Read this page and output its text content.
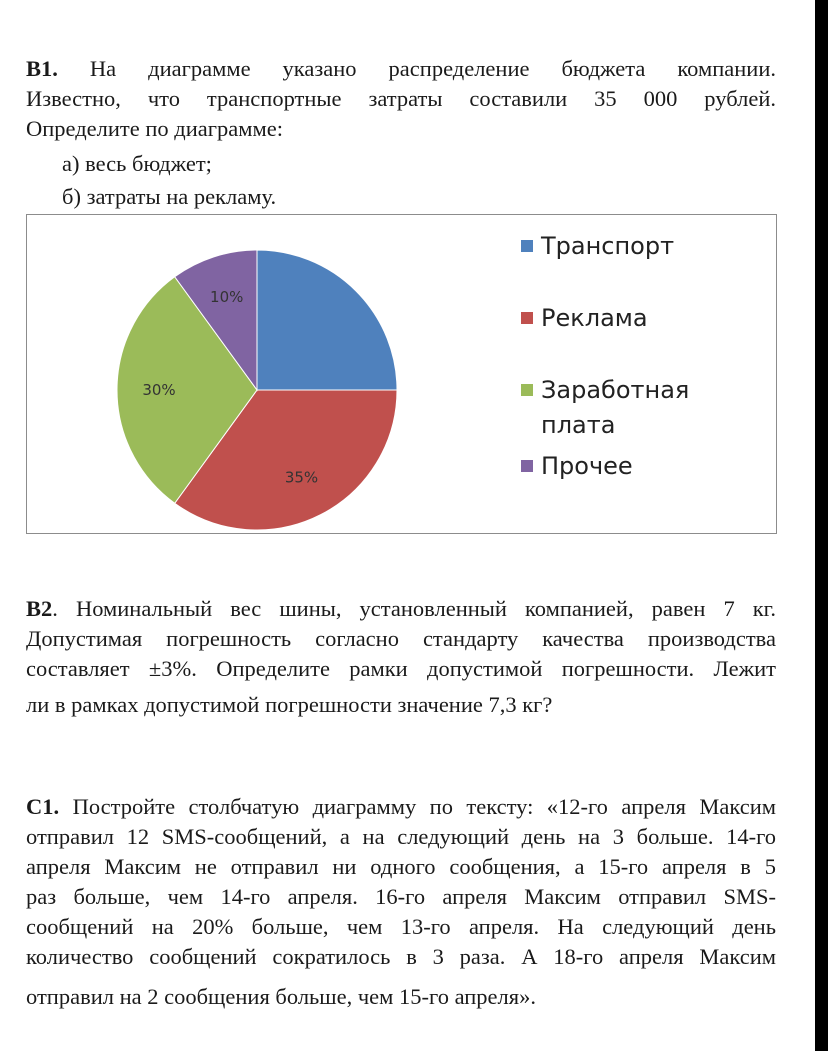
В1. На диаграмме указано распределение бюджета компании.
Известно, что транспортные затраты составили 35 000 рублей.
Определите по диаграмме:
а) весь бюджет;
б) затраты на рекламу.
35%
30%
10%
Транспорт
Реклама
Заработная
плата
Прочее
В2. Номинальный вес шины, установленный компанией, равен 7 кг.
Допустимая погрешность согласно стандарту качества производства
составляет ±3%. Определите рамки допустимой погрешности. Лежит
ли в рамках допустимой погрешности значение 7,3 кг?
С1. Постройте столбчатую диаграмму по тексту: «12-го апреля Максим
отправил 12 SMS-сообщений, а на следующий день на 3 больше. 14-го
апреля Максим не отправил ни одного сообщения, а 15-го апреля в 5
раз больше, чем 14-го апреля. 16-го апреля Максим отправил SMS-
сообщений на 20% больше, чем 13-го апреля. На следующий день
количество сообщений сократилось в 3 раза. А 18-го апреля Максим
отправил на 2 сообщения больше, чем 15-го апреля».
